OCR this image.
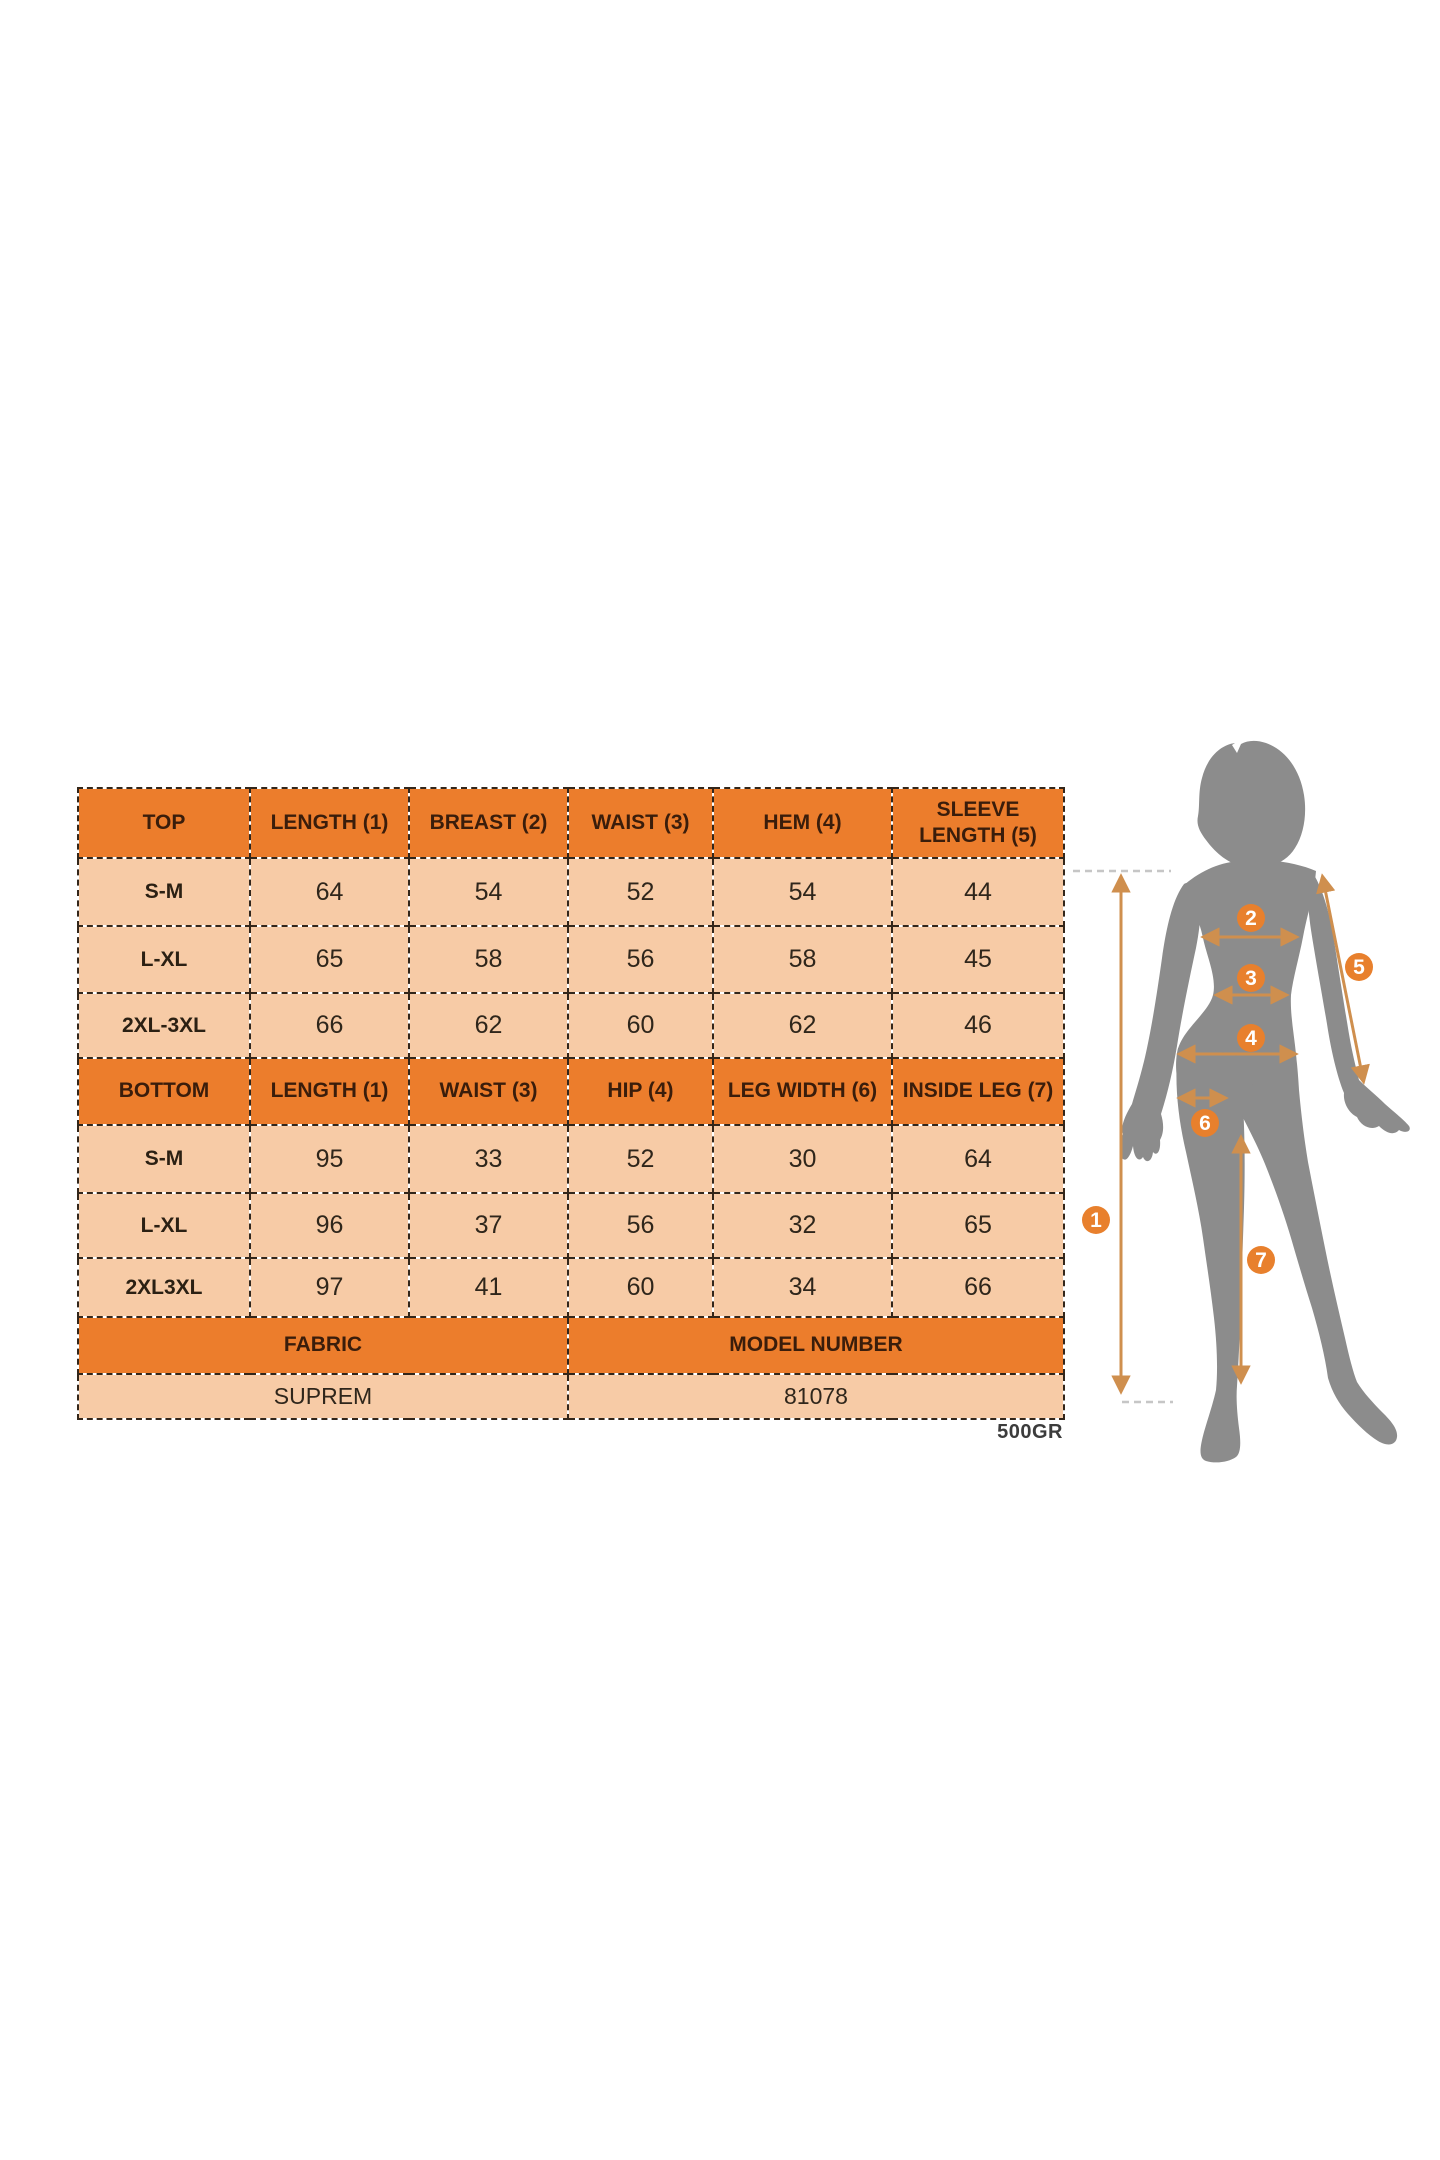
TOP	LENGTH (1)	BREAST (2)	WAIST (3)	HEM (4)	SLEEVE LENGTH (5)
S-M	64	54	52	54	44
L-XL	65	58	56	58	45
2XL-3XL	66	62	60	62	46
BOTTOM	LENGTH (1)	WAIST (3)	HIP (4)	LEG WIDTH (6)	INSIDE LEG (7)
S-M	95	33	52	30	64
L-XL	96	37	56	32	65
2XL3XL	97	41	60	34	66
FABRIC			MODEL NUMBER		
SUPREM			81078		
500GR
1
2
3
4
5
6
7
